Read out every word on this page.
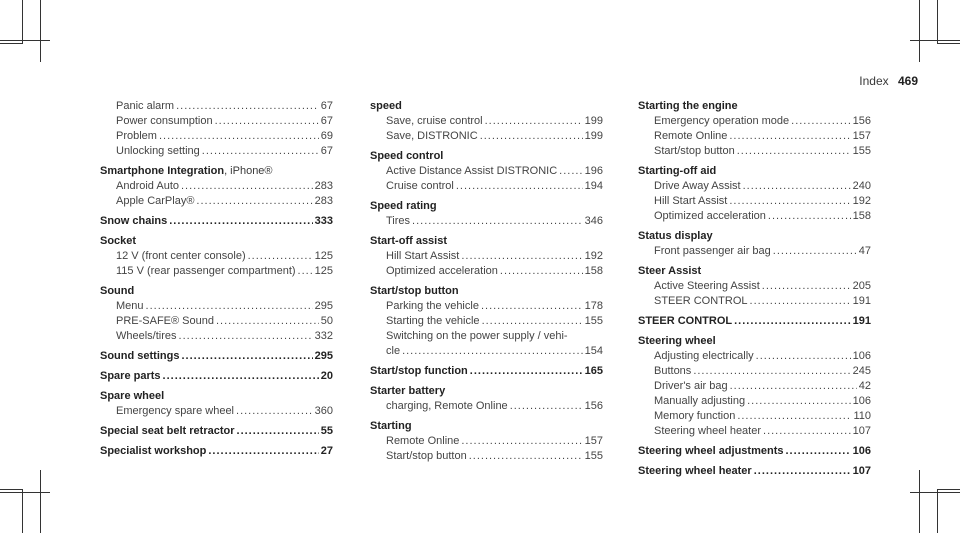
Index 469
Panic alarm .....	67
Power consumption .....	67
Problem .....	69
Unlocking setting .....	67
Smartphone Integration, iPhone®
Android Auto .....	283
Apple CarPlay® .....	283
Snow chains .....	333
Socket
12 V (front center console) .....	125
115 V (rear passenger compartment) ..... 125
Sound
Menu .....	295
PRE-SAFE® Sound .....	50
Wheels/tires .....	332
Sound settings .....	295
Spare parts .....	20
Spare wheel
Emergency spare wheel .....	360
Special seat belt retractor .....	55
Specialist workshop .....	27
speed
Save, cruise control .....	199
Save, DISTRONIC .....	199
Speed control
Active Distance Assist DISTRONIC ..... 196
Cruise control .....	194
Speed rating
Tires .....	346
Start-off assist
Hill Start Assist .....	192
Optimized acceleration .....	158
Start/stop button
Parking the vehicle .....	178
Starting the vehicle .....	155
Switching on the power supply / vehi-
cle .....	154
Start/stop function .....	165
Starter battery
charging, Remote Online .....	156
Starting
Remote Online .....	157
Start/stop button .....	155
Starting the engine
Emergency operation mode .....	156
Remote Online .....	157
Start/stop button .....	155
Starting-off aid
Drive Away Assist .....	240
Hill Start Assist .....	192
Optimized acceleration .....	158
Status display
Front passenger air bag .....	47
Steer Assist
Active Steering Assist .....	205
STEER CONTROL .....	191
STEER CONTROL .....	191
Steering wheel
Adjusting electrically .....	106
Buttons .....	245
Driver's air bag .....	42
Manually adjusting .....	106
Memory function .....	110
Steering wheel heater .....	107
Steering wheel adjustments .....	106
Steering wheel heater .....	107
